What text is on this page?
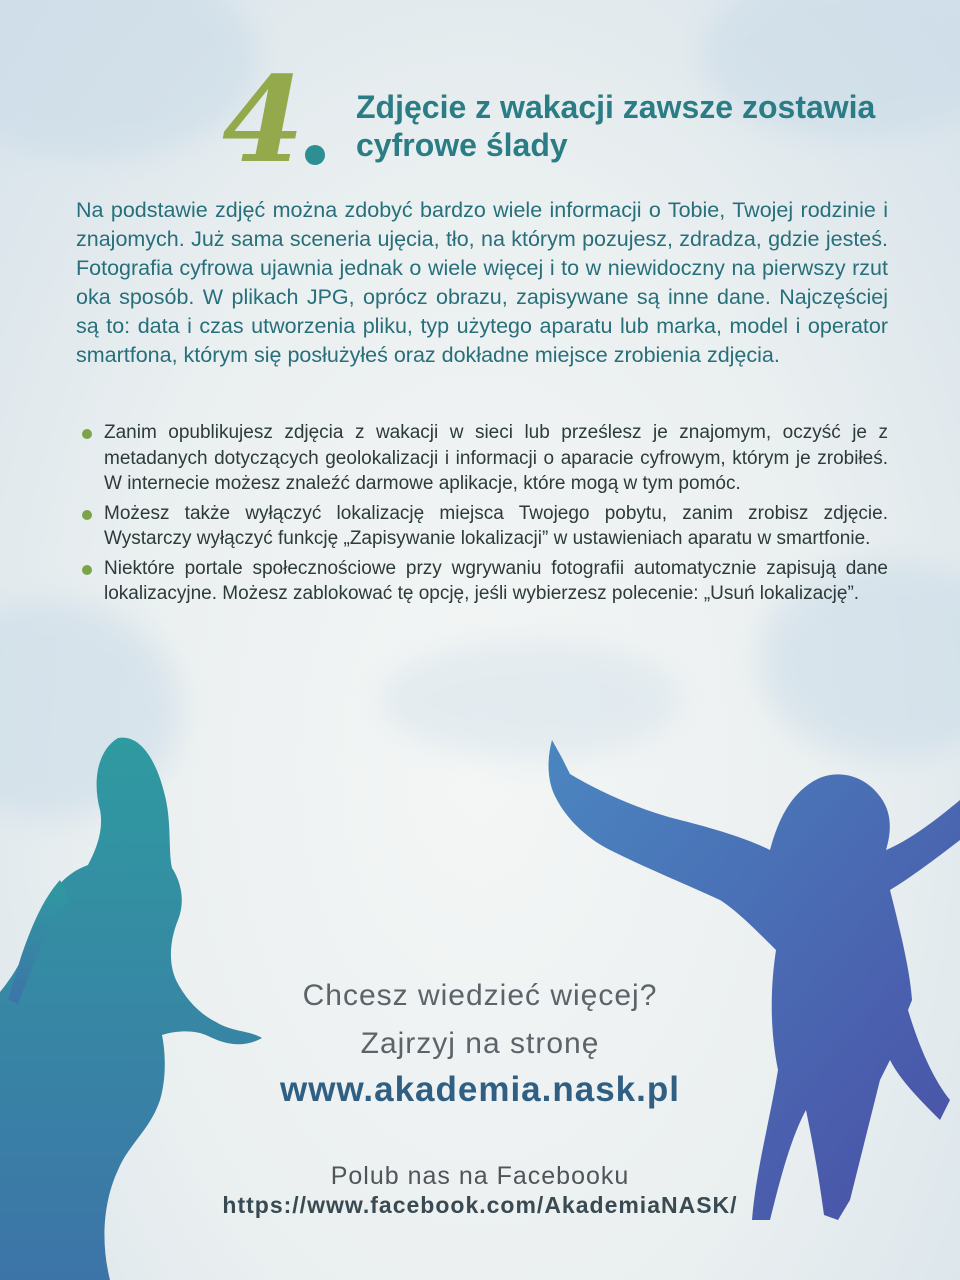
4	Zdjęcie z wakacji zawsze zostawia
cyfrowe ślady

Na podstawie zdjęć można zdobyć bardzo wiele informacji o Tobie, Twojej rodzinie i znajomych. Już sama sceneria ujęcia, tło, na którym pozujesz, zdradza, gdzie jesteś. Fotografia cyfrowa ujawnia jednak o wiele więcej i to w niewidoczny na pierwszy rzut oka sposób. W plikach JPG, oprócz obrazu, zapisywane są inne dane. Najczęściej są to: data i czas utworzenia pliku, typ użytego aparatu lub marka, model i operator smartfona, którym się posłużyłeś oraz dokładne miejsce zrobienia zdjęcia.

Zanim opublikujesz zdjęcia z wakacji w sieci lub prześlesz je znajomym, oczyść je z metadanych dotyczących geolokalizacji i informacji o aparacie cyfrowym, którym je zrobiłeś. W internecie możesz znaleźć darmowe aplikacje, które mogą w tym pomóc.
Możesz także wyłączyć lokalizację miejsca Twojego pobytu, zanim zrobisz zdjęcie. Wystarczy wyłączyć funkcję „Zapisywanie lokalizacji” w ustawieniach aparatu w smartfonie.
Niektóre portale społecznościowe przy wgrywaniu fotografii automatycznie zapisują dane lokalizacyjne. Możesz zablokować tę opcję, jeśli wybierzesz polecenie: „Usuń lokalizację”.

Chcesz wiedzieć więcej?

Zajrzyj na stronę

www.akademia.nask.pl

Polub nas na Facebooku

https://www.facebook.com/AkademiaNASK/
